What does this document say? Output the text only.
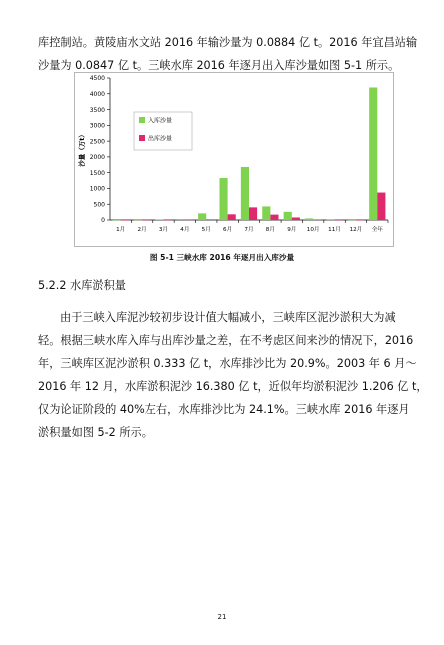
库控制站。黄陵庙水文站 2016 年输沙量为 0.0884 亿 t。2016 年宜昌站输
沙量为 0.0847 亿 t。三峡水库 2016 年逐月出入库沙量如图 5-1 所示。
0
500
1000
1500
2000
2500
3000
3500
4000
4500
沙量（万t）
1月 2月 3月 4月 5月 6月 7月 8月 9月 10月 11月 12月 全年
入库沙量
出库沙量
图 5-1 三峡水库 2016 年逐月出入库沙量
5.2.2 水库淤积量
由于三峡入库泥沙较初步设计值大幅减小，三峡库区泥沙淤积大为减
轻。根据三峡水库入库与出库沙量之差，在不考虑区间来沙的情况下，2016
年，三峡库区泥沙淤积 0.333 亿 t，水库排沙比为 20.9%。2003 年 6 月～
2016 年 12 月，水库淤积泥沙 16.380 亿 t，近似年均淤积泥沙 1.206 亿 t，
仅为论证阶段的 40%左右，水库排沙比为 24.1%。三峡水库 2016 年逐月
淤积量如图 5-2 所示。
21
